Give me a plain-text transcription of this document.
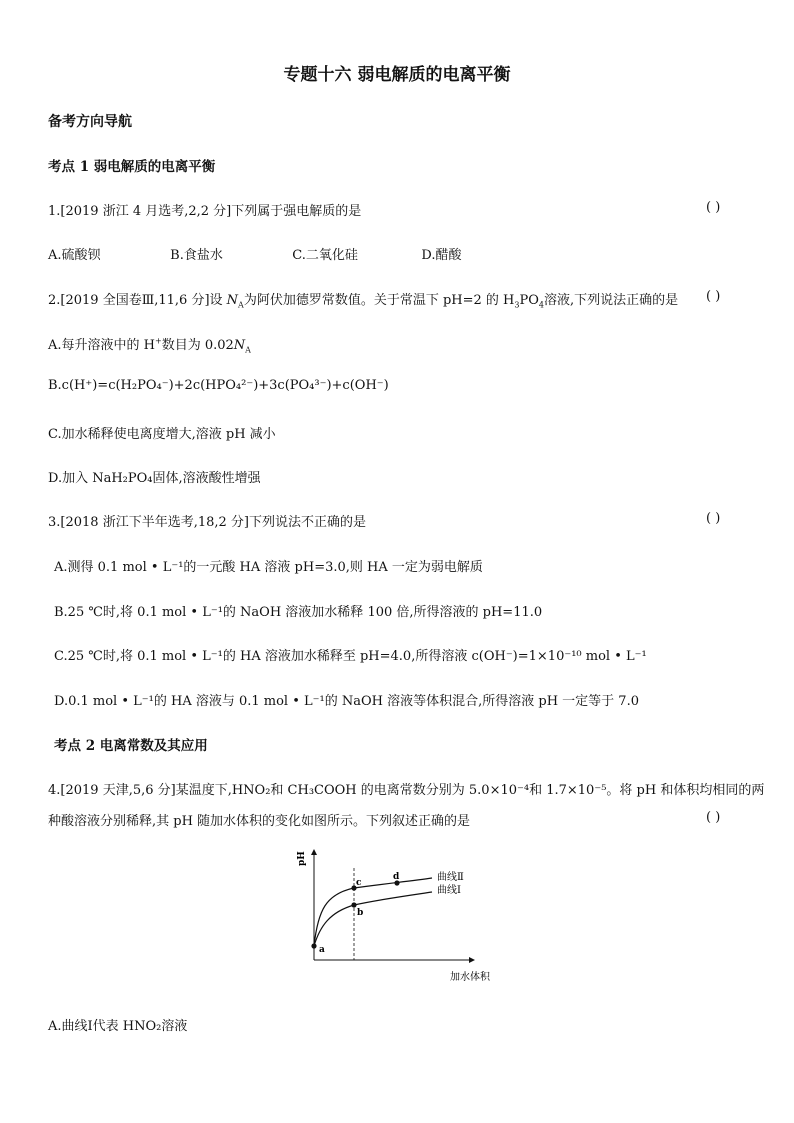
专题十六 弱电解质的电离平衡
备考方向导航
考点 1 弱电解质的电离平衡
1.[2019 浙江 4 月选考,2,2 分]下列属于强电解质的是	( )
A.硫酸钡	B.食盐水	C.二氧化硅	D.醋酸
2.[2019 全国卷Ⅲ,11,6 分]设 $N_A$为阿伏加德罗常数值。关于常温下 pH=2 的 $H_3PO_4$溶液,下列说法正确的是 ( )
A.每升溶液中的 H+数目为 $0.02N_A$
B.c(H⁺)=c(H₂PO₄⁻)+2c(HPO₄²⁻)+3c(PO₄³⁻)+c(OH⁻)
C.加水稀释使电离度增大,溶液 pH 减小
D.加入 NaH₂PO₄固体,溶液酸性增强
3.[2018 浙江下半年选考,18,2 分]下列说法不正确的是	( )
A.测得 0.1 mol • L⁻¹的一元酸 HA 溶液 pH=3.0,则 HA 一定为弱电解质
B.25 ℃时,将 0.1 mol • L⁻¹的 NaOH 溶液加水稀释 100 倍,所得溶液的 pH=11.0
C.25 ℃时,将 0.1 mol • L⁻¹的 HA 溶液加水稀释至 pH=4.0,所得溶液 c(OH⁻)=1×10⁻¹⁰ mol • L⁻¹
D.0.1 mol • L⁻¹的 HA 溶液与 0.1 mol • L⁻¹的 NaOH 溶液等体积混合,所得溶液 pH 一定等于 7.0
考点 2 电离常数及其应用
4.[2019 天津,5,6 分]某温度下,HNO₂和 CH₃COOH 的电离常数分别为 5.0×10⁻⁴和 1.7×10⁻⁵。将 pH 和体积均相同的两
种酸溶液分别稀释,其 pH 随加水体积的变化如图所示。下列叙述正确的是	( )
pH
加水体积
a
b
c
d	曲线Ⅱ
曲线Ⅰ
A.曲线Ⅰ代表 HNO₂溶液
